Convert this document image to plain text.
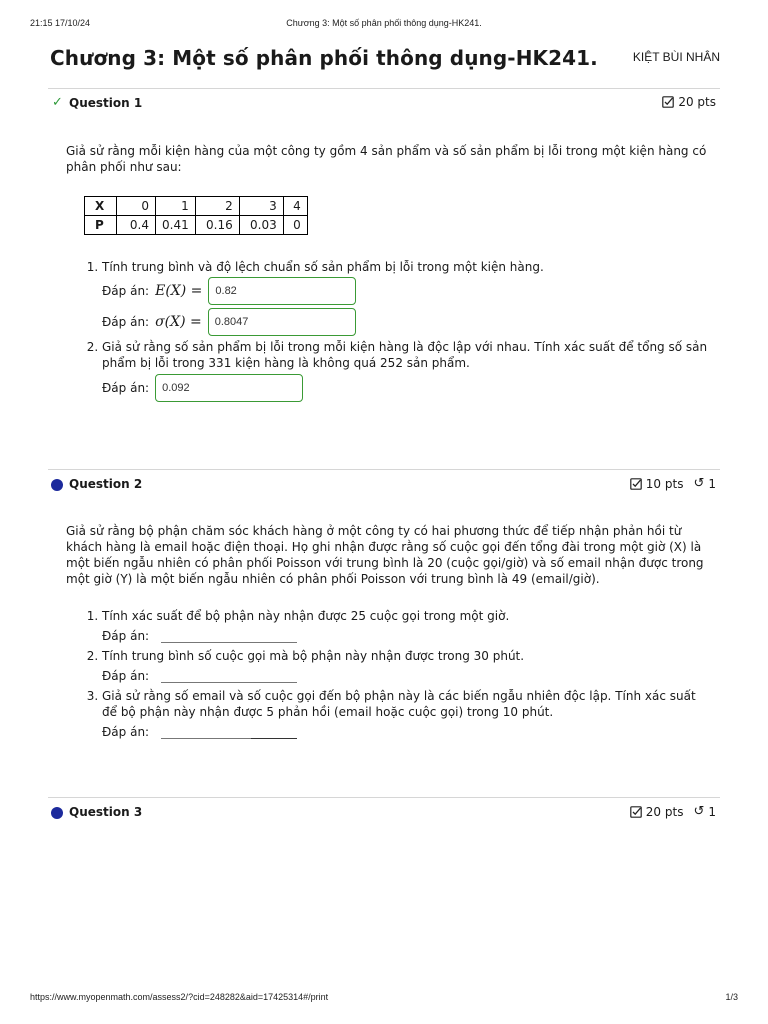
21:15 17/10/24	Chương 3: Một số phân phối thông dụng-HK241.
Chương 3: Một số phân phối thông dụng-HK241.	KIỆT BÙI NHÂN
✓ Question 1	20 pts

Giả sử rằng mỗi kiện hàng của một công ty gồm 4 sản phẩm và số sản phẩm bị lỗi trong một kiện hàng có phân phối như sau:

X	0	1	2	3	4
P	0.4	0.41	0.16	0.03	0
1. Tính trung bình và độ lệch chuẩn số sản phẩm bị lỗi trong một kiện hàng.
Đáp án: E(X) =	0.82
Đáp án: σ(X) =	0.8047
2. Giả sử rằng số sản phẩm bị lỗi trong mỗi kiện hàng là độc lập với nhau. Tính xác suất để tổng số sản phẩm bị lỗi trong 331 kiện hàng là không quá 252 sản phẩm.
Đáp án:	0.092
Question 2	10 pts ↺ 1

Giả sử rằng bộ phận chăm sóc khách hàng ở một công ty có hai phương thức để tiếp nhận phản hồi từ khách hàng là email hoặc điện thoại. Họ ghi nhận được rằng số cuộc gọi đến tổng đài trong một giờ (X) là một biến ngẫu nhiên có phân phối Poisson với trung bình là 20 (cuộc gọi/giờ) và số email nhận được trong một giờ (Y) là một biến ngẫu nhiên có phân phối Poisson với trung bình là 49 (email/giờ).

1. Tính xác suất để bộ phận này nhận được 25 cuộc gọi trong một giờ.
Đáp án:
2. Tính trung bình số cuộc gọi mà bộ phận này nhận được trong 30 phút.
Đáp án:
3. Giả sử rằng số email và số cuộc gọi đến bộ phận này là các biến ngẫu nhiên độc lập. Tính xác suất để bộ phận này nhận được 5 phản hồi (email hoặc cuộc gọi) trong 10 phút.
Đáp án:
Question 3	20 pts ↺ 1
https://www.myopenmath.com/assess2/?cid=248282&aid=17425314#/print	1/3
